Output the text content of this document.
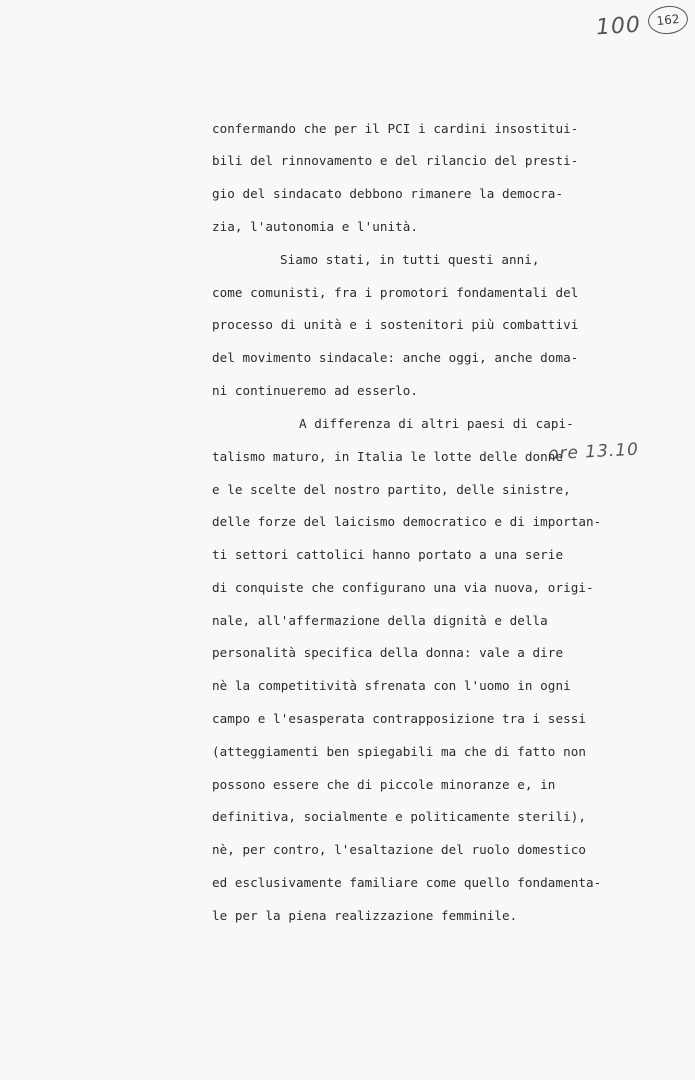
100 162
ore 13.10
confermando che per il PCI i cardini insostitui-
bili del rinnovamento e del rilancio del presti-
gio del sindacato debbono rimanere la democra-
zia, l'autonomia e l'unità.
Siamo stati, in tutti questi anni,
come comunisti, fra i promotori fondamentali del
processo di unità e i sostenitori più combattivi
del movimento sindacale: anche oggi, anche doma-
ni continueremo ad esserlo.
A differenza di altri paesi di capi-
talismo maturo, in Italia le lotte delle donne
e le scelte del nostro partito, delle sinistre,
delle forze del laicismo democratico e di importan-
ti settori cattolici hanno portato a una serie
di conquiste che configurano una via nuova, origi-
nale, all'affermazione della dignità e della
personalità specifica della donna: vale a dire
nè la competitività sfrenata con l'uomo in ogni
campo e l'esasperata contrapposizione tra i sessi
(atteggiamenti ben spiegabili ma che di fatto non
possono essere che di piccole minoranze e, in
definitiva, socialmente e politicamente sterili),
nè, per contro, l'esaltazione del ruolo domestico
ed esclusivamente familiare come quello fondamenta-
le per la piena realizzazione femminile.
